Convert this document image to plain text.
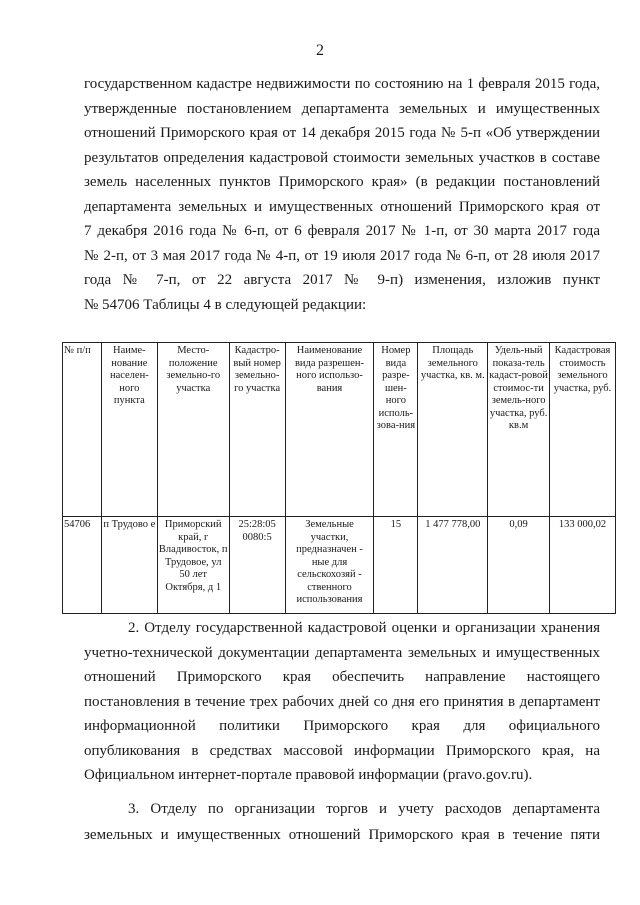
2
государственном кадастре недвижимости по состоянию на 1 февраля 2015 года,
утвержденные постановлением департамента земельных и имущественных
отношений Приморского края от 14 декабря 2015 года № 5-п «Об утверждении
результатов определения кадастровой стоимости земельных участков в составе
земель населенных пунктов Приморского края» (в редакции постановлений
департамента земельных и имущественных отношений Приморского края от
7 декабря 2016 года № 6-п, от 6 февраля 2017 № 1-п, от 30 марта 2017 года
№ 2-п, от 3 мая 2017 года № 4-п, от 19 июля 2017 года № 6-п, от 28 июля 2017
года № 7-п, от 22 августа 2017 № 9-п) изменения, изложив пункт
№ 54706 Таблицы 4 в следующей редакции:
№ п/п	Наиме-нование населен-ного пункта	Место-положение земельно-го участка	Кадастро-вый номер земельно-го участка	Наименование вида разрешен-ного использо-вания	Номер вида разре-шен-ного исполь-зова-ния	Площадь земельного участка, кв. м.	Удель-ный показа-тель кадаст-ровой стоимос-ти земель-ного участка, руб. кв.м	Кадастровая стоимость земельного участка, руб.
54706	п Трудово е	Приморский край, г Владивосток, п Трудовое, ул 50 лет Октября, д 1	25:28:05 0080:5	Земельные участки, предназначен - ные для сельскохозяй - ственного использования	15	1 477 778,00	0,09	133 000,02
2. Отделу государственной кадастровой оценки и организации хранения
учетно-технической документации департамента земельных и имущественных
отношений Приморского края обеспечить направление настоящего
постановления в течение трех рабочих дней со дня его принятия в департамент
информационной политики Приморского края для официального
опубликования в средствах массовой информации Приморского края, на
Официальном интернет-портале правовой информации (pravo.gov.ru).
3. Отделу по организации торгов и учету расходов департамента
земельных и имущественных отношений Приморского края в течение пяти
